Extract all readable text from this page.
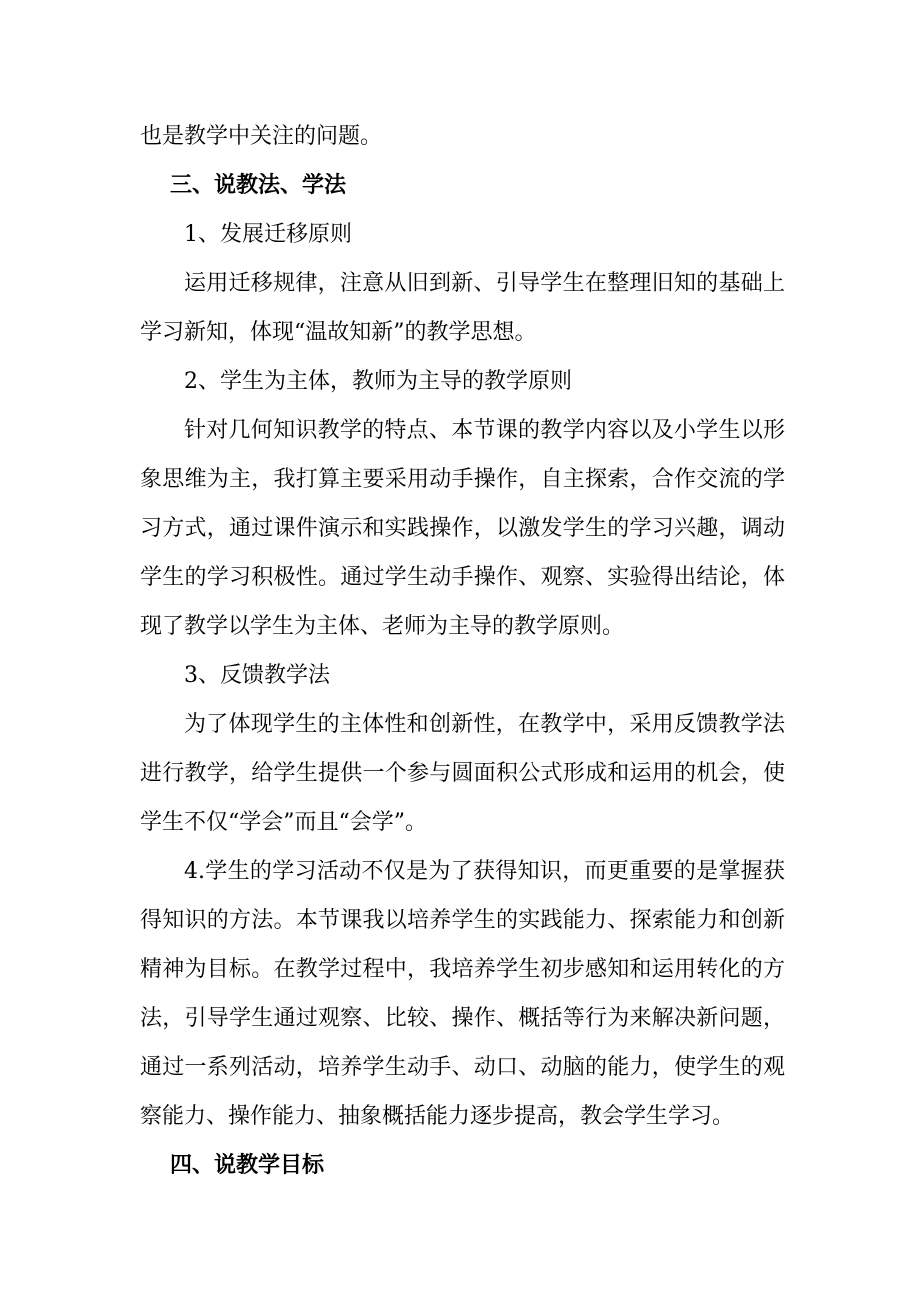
也是教学中关注的问题。

三、说教法、学法

1、发展迁移原则

运用迁移规律，注意从旧到新、引导学生在整理旧知的基础上学习新知，体现“温故知新”的教学思想。

2、学生为主体，教师为主导的教学原则

针对几何知识教学的特点、本节课的教学内容以及小学生以形象思维为主，我打算主要采用动手操作，自主探索，合作交流的学习方式，通过课件演示和实践操作，以激发学生的学习兴趣，调动学生的学习积极性。通过学生动手操作、观察、实验得出结论，体现了教学以学生为主体、老师为主导的教学原则。

3、反馈教学法

为了体现学生的主体性和创新性，在教学中，采用反馈教学法进行教学，给学生提供一个参与圆面积公式形成和运用的机会，使学生不仅“学会”而且“会学”。

4.学生的学习活动不仅是为了获得知识，而更重要的是掌握获得知识的方法。本节课我以培养学生的实践能力、探索能力和创新精神为目标。在教学过程中，我培养学生初步感知和运用转化的方法，引导学生通过观察、比较、操作、概括等行为来解决新问题，通过一系列活动，培养学生动手、动口、动脑的能力，使学生的观察能力、操作能力、抽象概括能力逐步提高，教会学生学习。

四、说教学目标
